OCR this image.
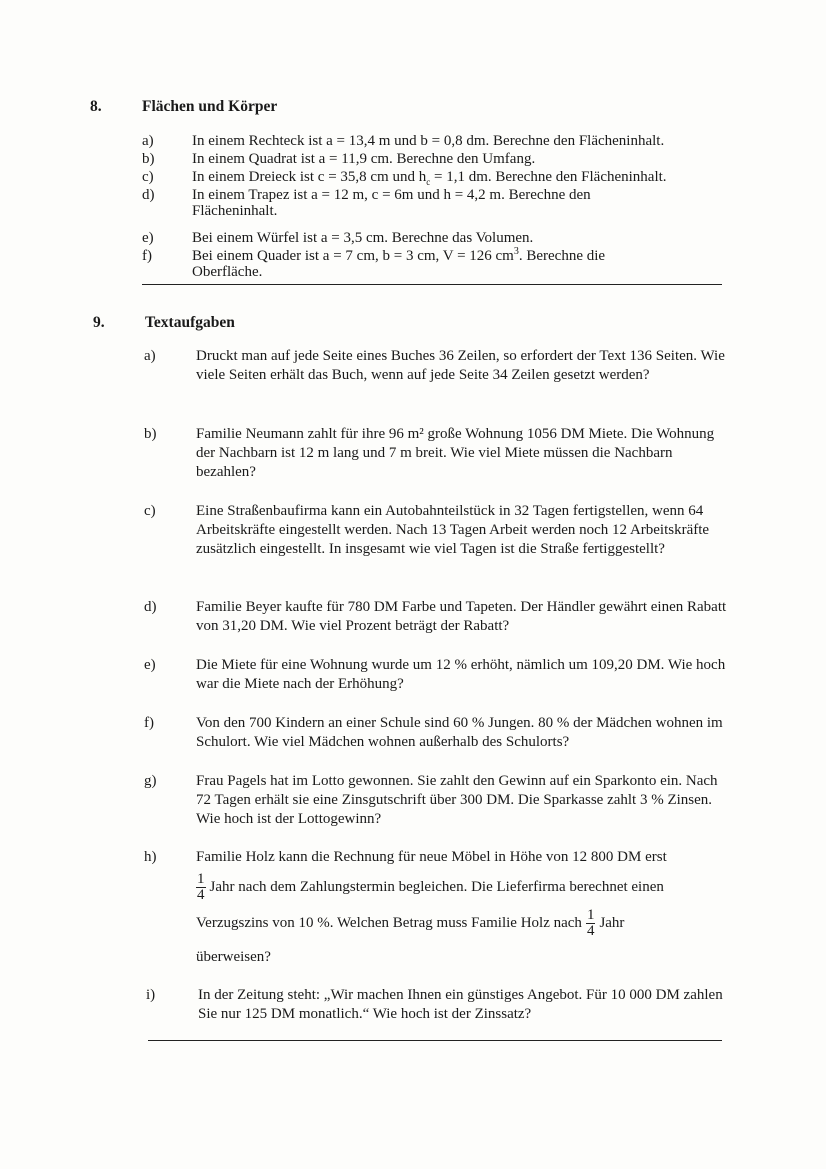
8.	Flächen und Körper
a)	In einem Rechteck ist a = 13,4 m und b = 0,8 dm. Berechne den Flächeninhalt.
b)	In einem Quadrat ist a = 11,9 cm. Berechne den Umfang.
c)	In einem Dreieck ist c = 35,8 cm und $h_c = 1,1$ dm. Berechne den Flächeninhalt.
d)	In einem Trapez ist a = 12 m, c = 6m und h = 4,2 m. Berechne den Flächeninhalt.
e)	Bei einem Würfel ist a = 3,5 cm. Berechne das Volumen.
f)	Bei einem Quader ist a = 7 cm, b = 3 cm, V = 126 $cm^3$. Berechne die Oberfläche.
9.	Textaufgaben
a)	Druckt man auf jede Seite eines Buches 36 Zeilen, so erfordert der Text 136 Seiten. Wie viele Seiten erhält das Buch, wenn auf jede Seite 34 Zeilen gesetzt werden?
b)	Familie Neumann zahlt für ihre 96 m² große Wohnung 1056 DM Miete. Die Wohnung der Nachbarn ist 12 m lang und 7 m breit. Wie viel Miete müssen die Nachbarn bezahlen?
c)	Eine Straßenbaufirma kann ein Autobahnteilstück in 32 Tagen fertigstellen, wenn 64 Arbeitskräfte eingestellt werden. Nach 13 Tagen Arbeit werden noch 12 Arbeitskräfte zusätzlich eingestellt. In insgesamt wie viel Tagen ist die Straße fertiggestellt?
d)	Familie Beyer kaufte für 780 DM Farbe und Tapeten. Der Händler gewährt einen Rabatt von 31,20 DM. Wie viel Prozent beträgt der Rabatt?
e)	Die Miete für eine Wohnung wurde um 12 % erhöht, nämlich um 109,20 DM. Wie hoch war die Miete nach der Erhöhung?
f)	Von den 700 Kindern an einer Schule sind 60 % Jungen. 80 % der Mädchen wohnen im Schulort. Wie viel Mädchen wohnen außerhalb des Schulorts?
g)	Frau Pagels hat im Lotto gewonnen. Sie zahlt den Gewinn auf ein Sparkonto ein. Nach 72 Tagen erhält sie eine Zinsgutschrift über 300 DM. Die Sparkasse zahlt 3 % Zinsen. Wie hoch ist der Lottogewinn?
h)	Familie Holz kann die Rechnung für neue Möbel in Höhe von 12 800 DM erst
$\frac{1}{4}$ Jahr nach dem Zahlungstermin begleichen. Die Lieferfirma berechnet einen
Verzugszins von 10 %. Welchen Betrag muss Familie Holz nach $\frac{1}{4}$ Jahr
überweisen?
i)	In der Zeitung steht: „Wir machen Ihnen ein günstiges Angebot. Für 10 000 DM zahlen Sie nur 125 DM monatlich.“ Wie hoch ist der Zinssatz?
